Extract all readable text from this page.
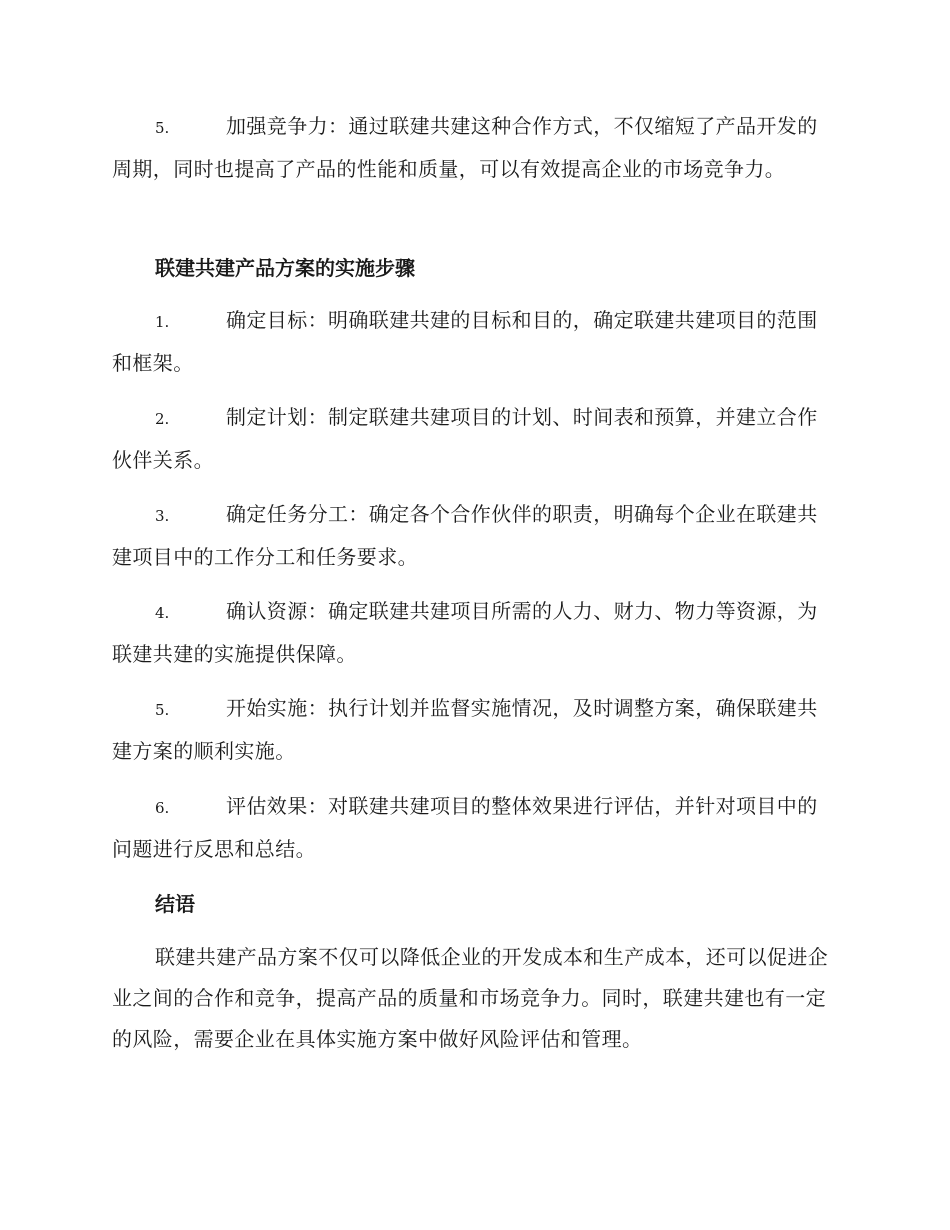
5.	加强竞争力：通过联建共建这种合作方式，不仅缩短了产品开发的周期，同时也提高了产品的性能和质量，可以有效提高企业的市场竞争力。

联建共建产品方案的实施步骤

1.	确定目标：明确联建共建的目标和目的，确定联建共建项目的范围和框架。

2.	制定计划：制定联建共建项目的计划、时间表和预算，并建立合作伙伴关系。

3.	确定任务分工：确定各个合作伙伴的职责，明确每个企业在联建共建项目中的工作分工和任务要求。

4.	确认资源：确定联建共建项目所需的人力、财力、物力等资源，为联建共建的实施提供保障。

5.	开始实施：执行计划并监督实施情况，及时调整方案，确保联建共建方案的顺利实施。

6.	评估效果：对联建共建项目的整体效果进行评估，并针对项目中的问题进行反思和总结。

结语

联建共建产品方案不仅可以降低企业的开发成本和生产成本，还可以促进企业之间的合作和竞争，提高产品的质量和市场竞争力。同时，联建共建也有一定的风险，需要企业在具体实施方案中做好风险评估和管理。
